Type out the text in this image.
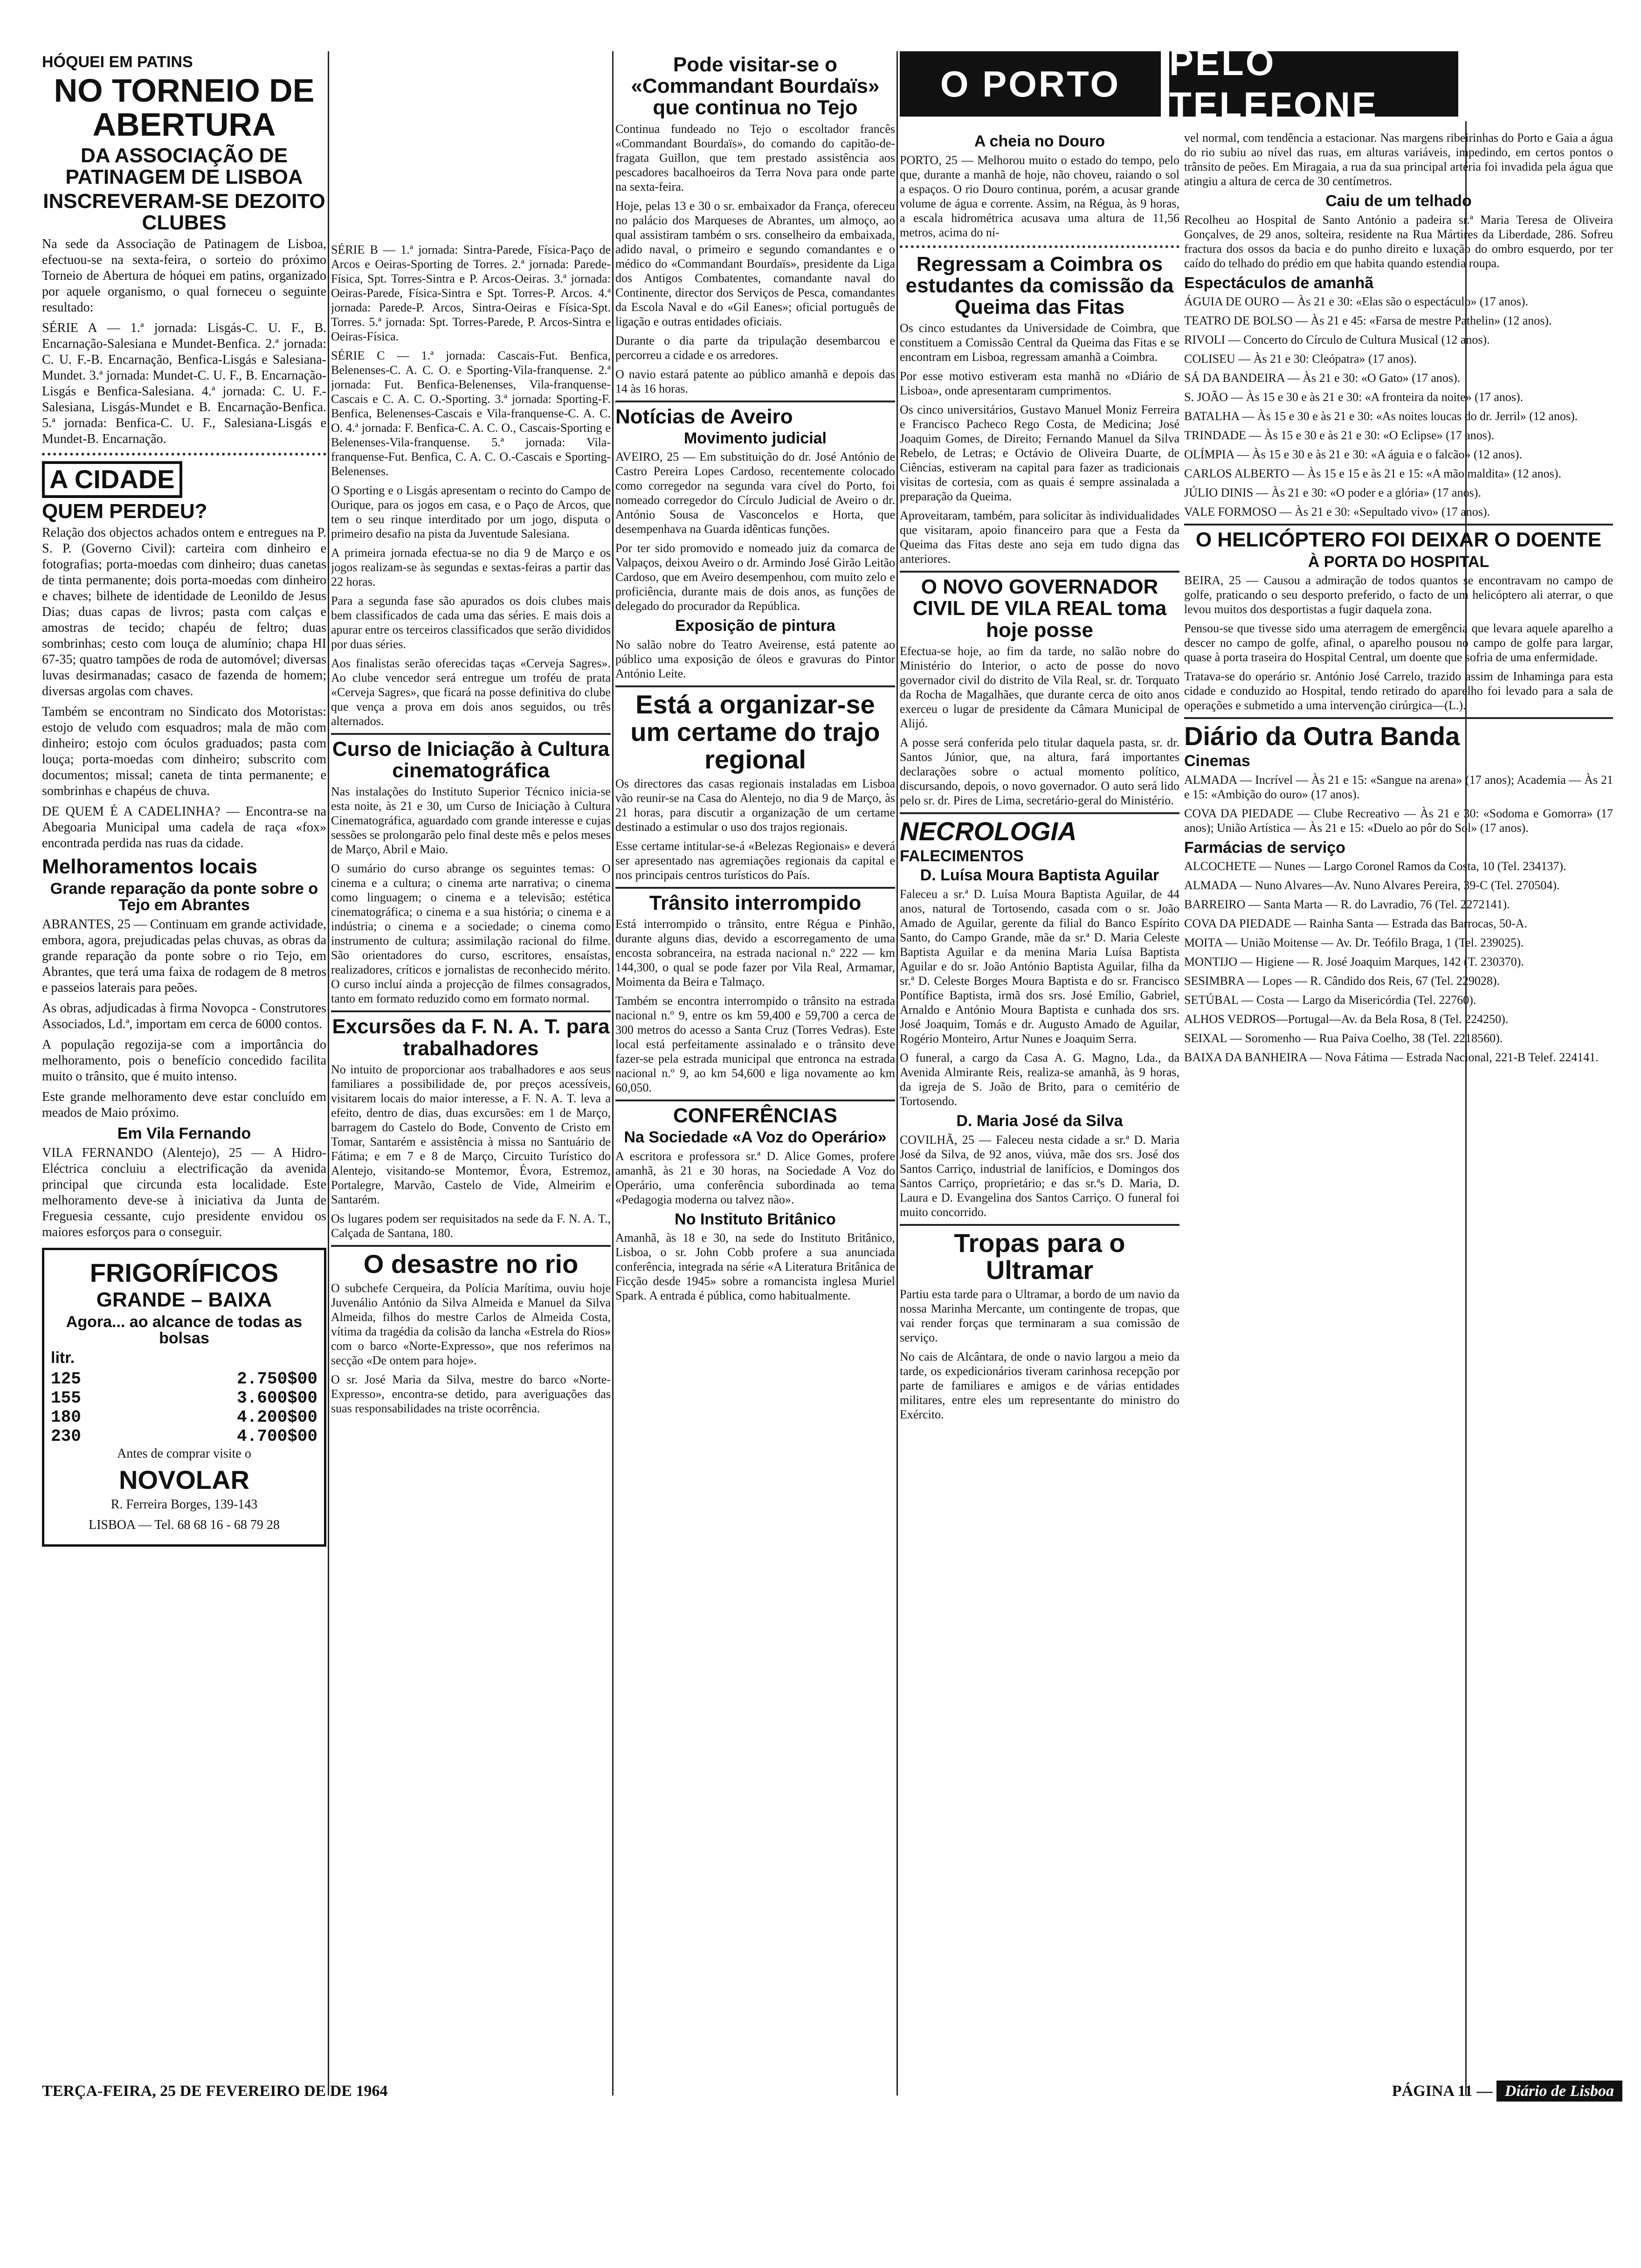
O PORTO
PELO TELEFONE
HÓQUEI EM PATINS
NO TORNEIO DE ABERTURA
DA ASSOCIAÇÃO DE PATINAGEM DE LISBOA
INSCREVERAM-SE DEZOITO CLUBES

Na sede da Associação de Patinagem de Lisboa, efectuou-se na sexta-feira, o sorteio do próximo Torneio de Abertura de hóquei em patins, organizado por aquele organismo, o qual forneceu o seguinte resultado:

SÉRIE A — 1.ª jornada: Lisgás-C. U. F., B. Encarnação-Salesiana e Mundet-Benfica. 2.ª jornada: C. U. F.-B. Encarnação, Benfica-Lisgás e Salesiana-Mundet. 3.ª jornada: Mundet-C. U. F., B. Encarnação-Lisgás e Benfica-Salesiana. 4.ª jornada: C. U. F.-Salesiana, Lisgás-Mundet e B. Encarnação-Benfica. 5.ª jornada: Benfica-C. U. F., Salesiana-Lisgás e Mundet-B. Encarnação.

A CIDADE
QUEM PERDEU?

Relação dos objectos achados ontem e entregues na P. S. P. (Governo Civil): carteira com dinheiro e fotografias; porta-moedas com dinheiro; duas canetas de tinta permanente; dois porta-moedas com dinheiro e chaves; bilhete de identidade de Leonildo de Jesus Dias; duas capas de livros; pasta com calças e amostras de tecido; chapéu de feltro; duas sombrinhas; cesto com louça de alumínio; chapa HI 67-35; quatro tampões de roda de automóvel; diversas luvas desirmanadas; casaco de fazenda de homem; diversas argolas com chaves.

Também se encontram no Sindicato dos Motoristas: estojo de veludo com esquadros; mala de mão com dinheiro; estojo com óculos graduados; pasta com louça; porta-moedas com dinheiro; subscrito com documentos; missal; caneta de tinta permanente; e sombrinhas e chapéus de chuva.

DE QUEM É A CADELINHA? — Encontra-se na Abegoaria Municipal uma cadela de raça «fox» encontrada perdida nas ruas da cidade.

Melhoramentos locais
Grande reparação da ponte sobre o Tejo em Abrantes

ABRANTES, 25 — Continuam em grande actividade, embora, agora, prejudicadas pelas chuvas, as obras da grande reparação da ponte sobre o rio Tejo, em Abrantes, que terá uma faixa de rodagem de 8 metros e passeios laterais para peões.

As obras, adjudicadas à firma Novopca - Construtores Associados, Ld.ª, importam em cerca de 6000 contos.

A população regozija-se com a importância do melhoramento, pois o benefício concedido facilita muito o trânsito, que é muito intenso.

Este grande melhoramento deve estar concluído em meados de Maio próximo.

Em Vila Fernando

VILA FERNANDO (Alentejo), 25 — A Hidro-Eléctrica concluiu a electrificação da avenida principal que circunda esta localidade. Este melhoramento deve-se à iniciativa da Junta de Freguesia cessante, cujo presidente envidou os maiores esforços para o conseguir.

FRIGORÍFICOS
GRANDE – BAIXA
Agora... ao alcance de todas as bolsas
litr.
125	2.750$00
155	3.600$00
180	4.200$00
230	4.700$00

Antes de comprar visite o

NOVOLAR

R. Ferreira Borges, 139-143

LISBOA — Tel. 68 68 16 - 68 79 28

SÉRIE B — 1.ª jornada: Sintra-Parede, Física-Paço de Arcos e Oeiras-Sporting de Torres. 2.ª jornada: Parede-Física, Spt. Torres-Sintra e P. Arcos-Oeiras. 3.ª jornada: Oeiras-Parede, Física-Sintra e Spt. Torres-P. Arcos. 4.ª jornada: Parede-P. Arcos, Sintra-Oeiras e Física-Spt. Torres. 5.ª jornada: Spt. Torres-Parede, P. Arcos-Sintra e Oeiras-Física.

SÉRIE C — 1.ª jornada: Cascais-Fut. Benfica, Belenenses-C. A. C. O. e Sporting-Vila-franquense. 2.ª jornada: Fut. Benfica-Belenenses, Vila-franquense-Cascais e C. A. C. O.-Sporting. 3.ª jornada: Sporting-F. Benfica, Belenenses-Cascais e Vila-franquense-C. A. C. O. 4.ª jornada: F. Benfica-C. A. C. O., Cascais-Sporting e Belenenses-Vila-franquense. 5.ª jornada: Vila-franquense-Fut. Benfica, C. A. C. O.-Cascais e Sporting-Belenenses.

O Sporting e o Lisgás apresentam o recinto do Campo de Ourique, para os jogos em casa, e o Paço de Arcos, que tem o seu rinque interditado por um jogo, disputa o primeiro desafio na pista da Juventude Salesiana.

A primeira jornada efectua-se no dia 9 de Março e os jogos realizam-se às segundas e sextas-feiras a partir das 22 horas.

Para a segunda fase são apurados os dois clubes mais bem classificados de cada uma das séries. E mais dois a apurar entre os terceiros classificados que serão divididos por duas séries.

Aos finalistas serão oferecidas taças «Cerveja Sagres». Ao clube vencedor será entregue um troféu de prata «Cerveja Sagres», que ficará na posse definitiva do clube que vença a prova em dois anos seguidos, ou três alternados.

Curso de Iniciação à Cultura cinematográfica

Nas instalações do Instituto Superior Técnico inicia-se esta noite, às 21 e 30, um Curso de Iniciação à Cultura Cinematográfica, aguardado com grande interesse e cujas sessões se prolongarão pelo final deste mês e pelos meses de Março, Abril e Maio.

O sumário do curso abrange os seguintes temas: O cinema e a cultura; o cinema arte narrativa; o cinema como linguagem; o cinema e a televisão; estética cinematográfica; o cinema e a sua história; o cinema e a indústria; o cinema e a sociedade; o cinema como instrumento de cultura; assimilação racional do filme. São orientadores do curso, escritores, ensaístas, realizadores, críticos e jornalistas de reconhecido mérito. O curso incluí ainda a projecção de filmes consagrados, tanto em formato reduzido como em formato normal.

Excursões da F. N. A. T. para trabalhadores

No intuito de proporcionar aos trabalhadores e aos seus familiares a possibilidade de, por preços acessíveis, visitarem locais do maior interesse, a F. N. A. T. leva a efeito, dentro de dias, duas excursões: em 1 de Março, barragem do Castelo do Bode, Convento de Cristo em Tomar, Santarém e assistência à missa no Santuário de Fátima; e em 7 e 8 de Março, Circuito Turístico do Alentejo, visitando-se Montemor, Évora, Estremoz, Portalegre, Marvão, Castelo de Vide, Almeirim e Santarém.

Os lugares podem ser requisitados na sede da F. N. A. T., Calçada de Santana, 180.

O desastre no rio

O subchefe Cerqueira, da Polícia Marítima, ouviu hoje Juvenálio António da Silva Almeida e Manuel da Silva Almeida, filhos do mestre Carlos de Almeida Costa, vítima da tragédia da colisão da lancha «Estrela do Rios» com o barco «Norte-Expresso», que nos referimos na secção «De ontem para hoje».

O sr. José Maria da Silva, mestre do barco «Norte-Expresso», encontra-se detido, para averiguações das suas responsabilidades na triste ocorrência.

Pode visitar-se o «Commandant Bourdaïs» que continua no Tejo

Continua fundeado no Tejo o escoltador francês «Commandant Bourdaïs», do comando do capitão-de-fragata Guillon, que tem prestado assistência aos pescadores bacalhoeiros da Terra Nova para onde parte na sexta-feira.

Hoje, pelas 13 e 30 o sr. embaixador da França, ofereceu no palácio dos Marqueses de Abrantes, um almoço, ao qual assistiram também o srs. conselheiro da embaixada, adido naval, o primeiro e segundo comandantes e o médico do «Commandant Bourdaïs», presidente da Liga dos Antigos Combatentes, comandante naval do Continente, director dos Serviços de Pesca, comandantes da Escola Naval e do «Gil Eanes»; oficial português de ligação e outras entidades oficiais.

Durante o dia parte da tripulação desembarcou e percorreu a cidade e os arredores.

O navio estará patente ao público amanhã e depois das 14 às 16 horas.

Notícias de Aveiro
Movimento judicial

AVEIRO, 25 — Em substituição do dr. José António de Castro Pereira Lopes Cardoso, recentemente colocado como corregedor na segunda vara cível do Porto, foi nomeado corregedor do Círculo Judicial de Aveiro o dr. António Sousa de Vasconcelos e Horta, que desempenhava na Guarda idênticas funções.

Por ter sido promovido e nomeado juiz da comarca de Valpaços, deixou Aveiro o dr. Armindo José Girão Leitão Cardoso, que em Aveiro desempenhou, com muito zelo e proficiência, durante mais de dois anos, as funções de delegado do procurador da República.

Exposição de pintura

No salão nobre do Teatro Aveirense, está patente ao público uma exposição de óleos e gravuras do Pintor António Leite.

Está a organizar-se um certame do trajo regional

Os directores das casas regionais instaladas em Lisboa vão reunir-se na Casa do Alentejo, no dia 9 de Março, às 21 horas, para discutir a organização de um certame destinado a estimular o uso dos trajos regionais.

Esse certame intitular-se-á «Belezas Regionais» e deverá ser apresentado nas agremiações regionais da capital e nos principais centros turísticos do País.

Trânsito interrompido

Está interrompido o trânsito, entre Régua e Pinhão, durante alguns dias, devido a escorregamento de uma encosta sobranceira, na estrada nacional n.º 222 — km 144,300, o qual se pode fazer por Vila Real, Armamar, Moimenta da Beira e Talmaço.

Também se encontra interrompido o trânsito na estrada nacional n.º 9, entre os km 59,400 e 59,700 a cerca de 300 metros do acesso a Santa Cruz (Torres Vedras). Este local está perfeitamente assinalado e o trânsito deve fazer-se pela estrada municipal que entronca na estrada nacional n.º 9, ao km 54,600 e liga novamente ao km 60,050.

CONFERÊNCIAS
Na Sociedade «A Voz do Operário»

A escritora e professora sr.ª D. Alice Gomes, profere amanhã, às 21 e 30 horas, na Sociedade A Voz do Operário, uma conferência subordinada ao tema «Pedagogia moderna ou talvez não».

No Instituto Britânico

Amanhã, às 18 e 30, na sede do Instituto Britânico, Lisboa, o sr. John Cobb profere a sua anunciada conferência, integrada na série «A Literatura Britânica de Ficção desde 1945» sobre a romancista inglesa Muriel Spark. A entrada é pública, como habitualmente.

A cheia no Douro

PORTO, 25 — Melhorou muito o estado do tempo, pelo que, durante a manhã de hoje, não choveu, raiando o sol a espaços. O rio Douro continua, porém, a acusar grande volume de água e corrente. Assim, na Régua, às 9 horas, a escala hidrométrica acusava uma altura de 11,56 metros, acima do ní-

Regressam a Coimbra os estudantes da comissão da Queima das Fitas

Os cinco estudantes da Universidade de Coimbra, que constituem a Comissão Central da Queima das Fitas e se encontram em Lisboa, regressam amanhã a Coimbra.

Por esse motivo estiveram esta manhã no «Diário de Lisboa», onde apresentaram cumprimentos.

Os cinco universitários, Gustavo Manuel Moniz Ferreira e Francisco Pacheco Rego Costa, de Medicina; José Joaquim Gomes, de Direito; Fernando Manuel da Silva Rebelo, de Letras; e Octávio de Oliveira Duarte, de Ciências, estiveram na capital para fazer as tradicionais visitas de cortesia, com as quais é sempre assinalada a preparação da Queima.

Aproveitaram, também, para solicitar às individualidades que visitaram, apoio financeiro para que a Festa da Queima das Fitas deste ano seja em tudo digna das anteriores.

O NOVO GOVERNADOR CIVIL DE VILA REAL toma hoje posse

Efectua-se hoje, ao fim da tarde, no salão nobre do Ministério do Interior, o acto de posse do novo governador civil do distrito de Vila Real, sr. dr. Torquato da Rocha de Magalhães, que durante cerca de oito anos exerceu o lugar de presidente da Câmara Municipal de Alijó.

A posse será conferida pelo titular daquela pasta, sr. dr. Santos Júnior, que, na altura, fará importantes declarações sobre o actual momento político, discursando, depois, o novo governador. O auto será lido pelo sr. dr. Pires de Lima, secretário-geral do Ministério.

NECROLOGIA
FALECIMENTOS
D. Luísa Moura Baptista Aguilar

Faleceu a sr.ª D. Luísa Moura Baptista Aguilar, de 44 anos, natural de Tortosendo, casada com o sr. João Amado de Aguilar, gerente da filial do Banco Espírito Santo, do Campo Grande, mãe da sr.ª D. Maria Celeste Baptista Aguilar e da menina Maria Luísa Baptista Aguilar e do sr. João António Baptista Aguilar, filha da sr.ª D. Celeste Borges Moura Baptista e do sr. Francisco Pontífice Baptista, irmã dos srs. José Emílio, Gabriel, Arnaldo e António Moura Baptista e cunhada dos srs. José Joaquim, Tomás e dr. Augusto Amado de Aguilar, Rogério Monteiro, Artur Nunes e Joaquim Serra.

O funeral, a cargo da Casa A. G. Magno, Lda., da Avenida Almirante Reis, realiza-se amanhã, às 9 horas, da igreja de S. João de Brito, para o cemitério de Tortosendo.

D. Maria José da Silva

COVILHÃ, 25 — Faleceu nesta cidade a sr.ª D. Maria José da Silva, de 92 anos, viúva, mãe dos srs. José dos Santos Carriço, industrial de lanifícios, e Domingos dos Santos Carriço, proprietário; e das sr.ªs D. Maria, D. Laura e D. Evangelina dos Santos Carriço. O funeral foi muito concorrido.

Tropas para o Ultramar

Partiu esta tarde para o Ultramar, a bordo de um navio da nossa Marinha Mercante, um contingente de tropas, que vai render forças que terminaram a sua comissão de serviço.

No cais de Alcântara, de onde o navio largou a meio da tarde, os expedicionários tiveram carinhosa recepção por parte de familiares e amigos e de várias entidades militares, entre eles um representante do ministro do Exército.

vel normal, com tendência a estacionar. Nas margens ribeirinhas do Porto e Gaia a água do rio subiu ao nível das ruas, em alturas variáveis, impedindo, em certos pontos o trânsito de peões. Em Miragaia, a rua da sua principal artéria foi invadida pela água que atingiu a altura de cerca de 30 centímetros.

Caiu de um telhado

Recolheu ao Hospital de Santo António a padeira sr.ª Maria Teresa de Oliveira Gonçalves, de 29 anos, solteira, residente na Rua Mártires da Liberdade, 286. Sofreu fractura dos ossos da bacia e do punho direito e luxação do ombro esquerdo, por ter caído do telhado do prédio em que habita quando estendia roupa.

Espectáculos de amanhã

ÁGUIA DE OURO — Às 21 e 30: «Elas são o espectáculo» (17 anos).

TEATRO DE BOLSO — Às 21 e 45: «Farsa de mestre Pathelin» (12 anos).

RIVOLI — Concerto do Círculo de Cultura Musical (12 anos).

COLISEU — Às 21 e 30: Cleópatra» (17 anos).

SÁ DA BANDEIRA — Às 21 e 30: «O Gato» (17 anos).

S. JOÃO — Às 15 e 30 e às 21 e 30: «A fronteira da noite» (17 anos).

BATALHA — Às 15 e 30 e às 21 e 30: «As noites loucas do dr. Jerril» (12 anos).

TRINDADE — Às 15 e 30 e às 21 e 30: «O Eclipse» (17 anos).

OLÍMPIA — Às 15 e 30 e às 21 e 30: «A águia e o falcão» (12 anos).

CARLOS ALBERTO — Às 15 e 15 e às 21 e 15: «A mão maldita» (12 anos).

JÚLIO DINIS — Às 21 e 30: «O poder e a glória» (17 anos).

VALE FORMOSO — Às 21 e 30: «Sepultado vivo» (17 anos).

O HELICÓPTERO FOI DEIXAR O DOENTE
À PORTA DO HOSPITAL

BEIRA, 25 — Causou a admiração de todos quantos se encontravam no campo de golfe, praticando o seu desporto preferido, o facto de um helicóptero ali aterrar, o que levou muitos dos desportistas a fugir daquela zona.

Pensou-se que tivesse sido uma aterragem de emergência que levara aquele aparelho a descer no campo de golfe, afinal, o aparelho pousou no campo de golfe para largar, quase à porta traseira do Hospital Central, um doente que sofria de uma enfermidade.

Tratava-se do operário sr. António José Carrelo, trazido assim de Inhaminga para esta cidade e conduzido ao Hospital, tendo retirado do aparelho foi levado para a sala de operações e submetido a uma intervenção cirúrgica—(L.).

Diário da Outra Banda
Cinemas

ALMADA — Incrível — Às 21 e 15: «Sangue na arena» (17 anos); Academia — Às 21 e 15: «Ambição do ouro» (17 anos).

COVA DA PIEDADE — Clube Recreativo — Às 21 e 30: «Sodoma e Gomorra» (17 anos); União Artística — Às 21 e 15: «Duelo ao pôr do Sol» (17 anos).

Farmácias de serviço

ALCOCHETE — Nunes — Largo Coronel Ramos da Costa, 10 (Tel. 234137).

ALMADA — Nuno Alvares—Av. Nuno Alvares Pereira, 39-C (Tel. 270504).

BARREIRO — Santa Marta — R. do Lavradio, 76 (Tel. 2272141).

COVA DA PIEDADE — Rainha Santa — Estrada das Barrocas, 50-A.

MOITA — União Moitense — Av. Dr. Teófilo Braga, 1 (Tel. 239025).

MONTIJO — Higiene — R. José Joaquim Marques, 142 (T. 230370).

SESIMBRA — Lopes — R. Cândido dos Reis, 67 (Tel. 229028).

SETÚBAL — Costa — Largo da Misericórdia (Tel. 22760).

ALHOS VEDROS—Portugal—Av. da Bela Rosa, 8 (Tel. 224250).

SEIXAL — Soromenho — Rua Paiva Coelho, 38 (Tel. 2218560).

BAIXA DA BANHEIRA — Nova Fátima — Estrada Nacional, 221-B Telef. 224141.

TERÇA-FEIRA, 25 DE FEVEREIRO DE DE 1964	PÁGINA 11 — Diário de Lisboa
